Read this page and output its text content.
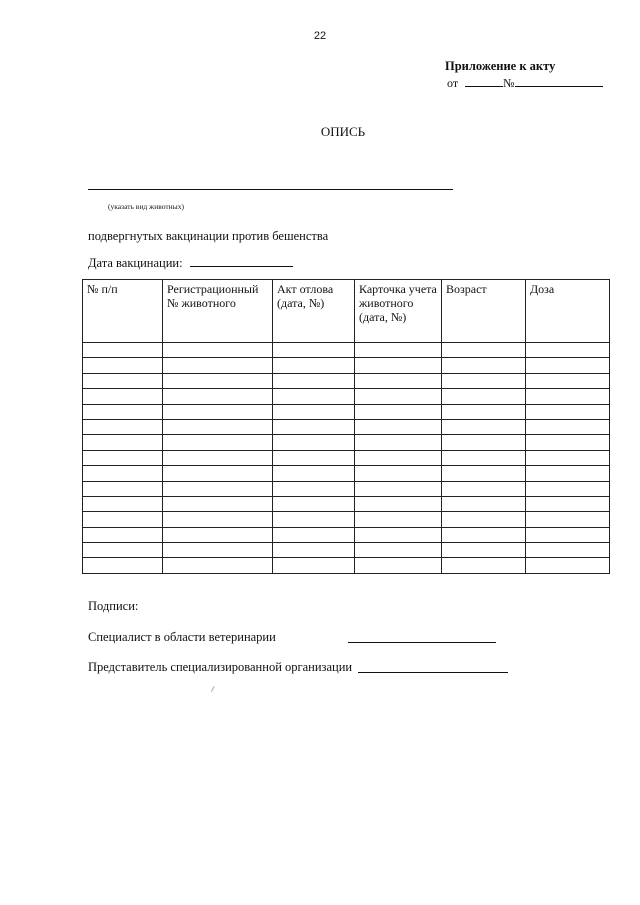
22
Приложение к акту
от	№
ОПИСЬ
(указать вид животных)
подвергнутых вакцинации против бешенства
Дата вакцинации:
№ п/п	Регистрационный № животного	Акт отлова (дата, №)	Карточка учета животного (дата, №)	Возраст	Доза

Подписи:
Специалист в области ветеринарии
Представитель специализированной организации
